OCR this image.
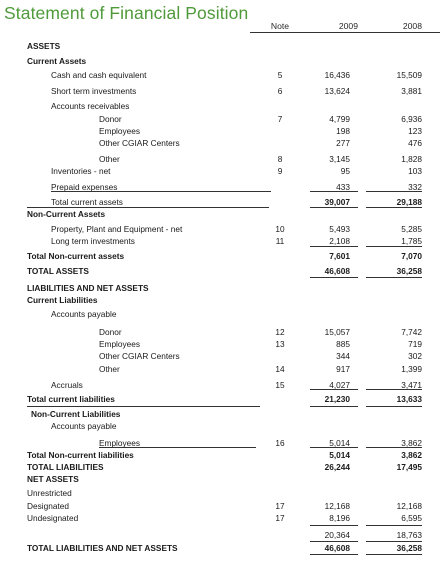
Statement of Financial Position
Note	2009	2008
ASSETS
Current Assets
Cash and cash equivalent	5	16,436	15,509
Short term investments	6	13,624	3,881
Accounts receivables
Donor	7	4,799	6,936
Employees	198	123
Other CGIAR Centers	277	476
Other	8	3,145	1,828
Inventories - net	9	95	103
Prepaid expenses	433	332
Total current assets	39,007	29,188
Non-Current Assets
Property, Plant and Equipment - net	10	5,493	5,285
Long term investments	11	2,108	1,785
Total Non-current assets	7,601	7,070
TOTAL ASSETS	46,608	36,258
LIABILITIES AND NET ASSETS
Current Liabilities
Accounts payable
Donor	12	15,057	7,742
Employees	13	885	719
Other CGIAR Centers	344	302
Other	14	917	1,399
Accruals	15	4,027	3,471
Total current liabilities	21,230	13,633
Non-Current Liabilities
Accounts payable
Employees	16	5,014	3,862
Total Non-current liabilities	5,014	3,862
TOTAL LIABILITIES	26,244	17,495
NET ASSETS
Unrestricted
Designated	17	12,168	12,168
Undesignated	17	8,196	6,595
20,364	18,763
TOTAL LIABILITIES AND NET ASSETS	46,608	36,258
